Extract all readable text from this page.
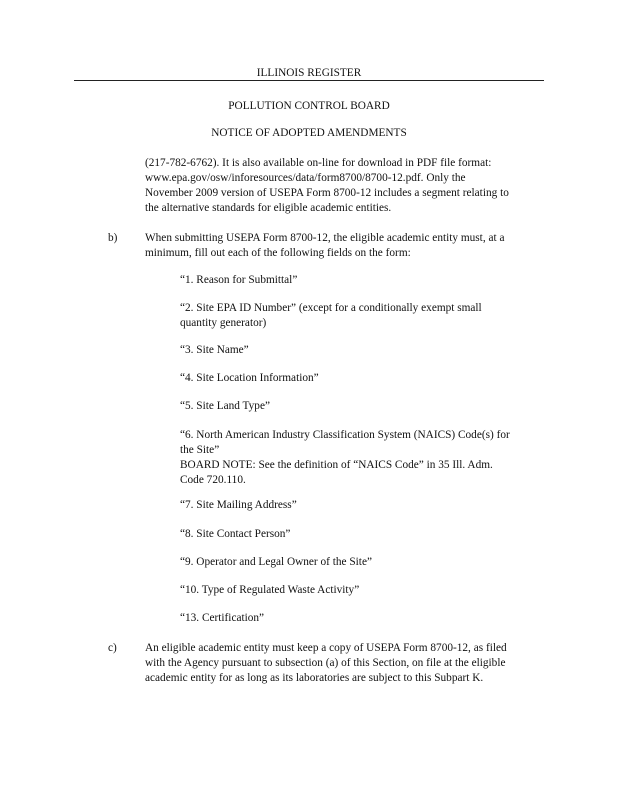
ILLINOIS REGISTER

POLLUTION CONTROL BOARD

NOTICE OF ADOPTED AMENDMENTS

(217-782-6762). It is also available on-line for download in PDF file format:
www.epa.gov/osw/inforesources/data/form8700/8700-12.pdf. Only the
November 2009 version of USEPA Form 8700-12 includes a segment relating to
the alternative standards for eligible academic entities.

b) When submitting USEPA Form 8700-12, the eligible academic entity must, at a
minimum, fill out each of the following fields on the form:
“1. Reason for Submittal”
“2. Site EPA ID Number” (except for a conditionally exempt small
quantity generator)
“3. Site Name”
“4. Site Location Information”
“5. Site Land Type”
“6. North American Industry Classification System (NAICS) Code(s) for
the Site”
BOARD NOTE: See the definition of “NAICS Code” in 35 Ill. Adm.
Code 720.110.
“7. Site Mailing Address”
“8. Site Contact Person”
“9. Operator and Legal Owner of the Site”
“10. Type of Regulated Waste Activity”
“13. Certification”

c) An eligible academic entity must keep a copy of USEPA Form 8700-12, as filed
with the Agency pursuant to subsection (a) of this Section, on file at the eligible
academic entity for as long as its laboratories are subject to this Subpart K.
